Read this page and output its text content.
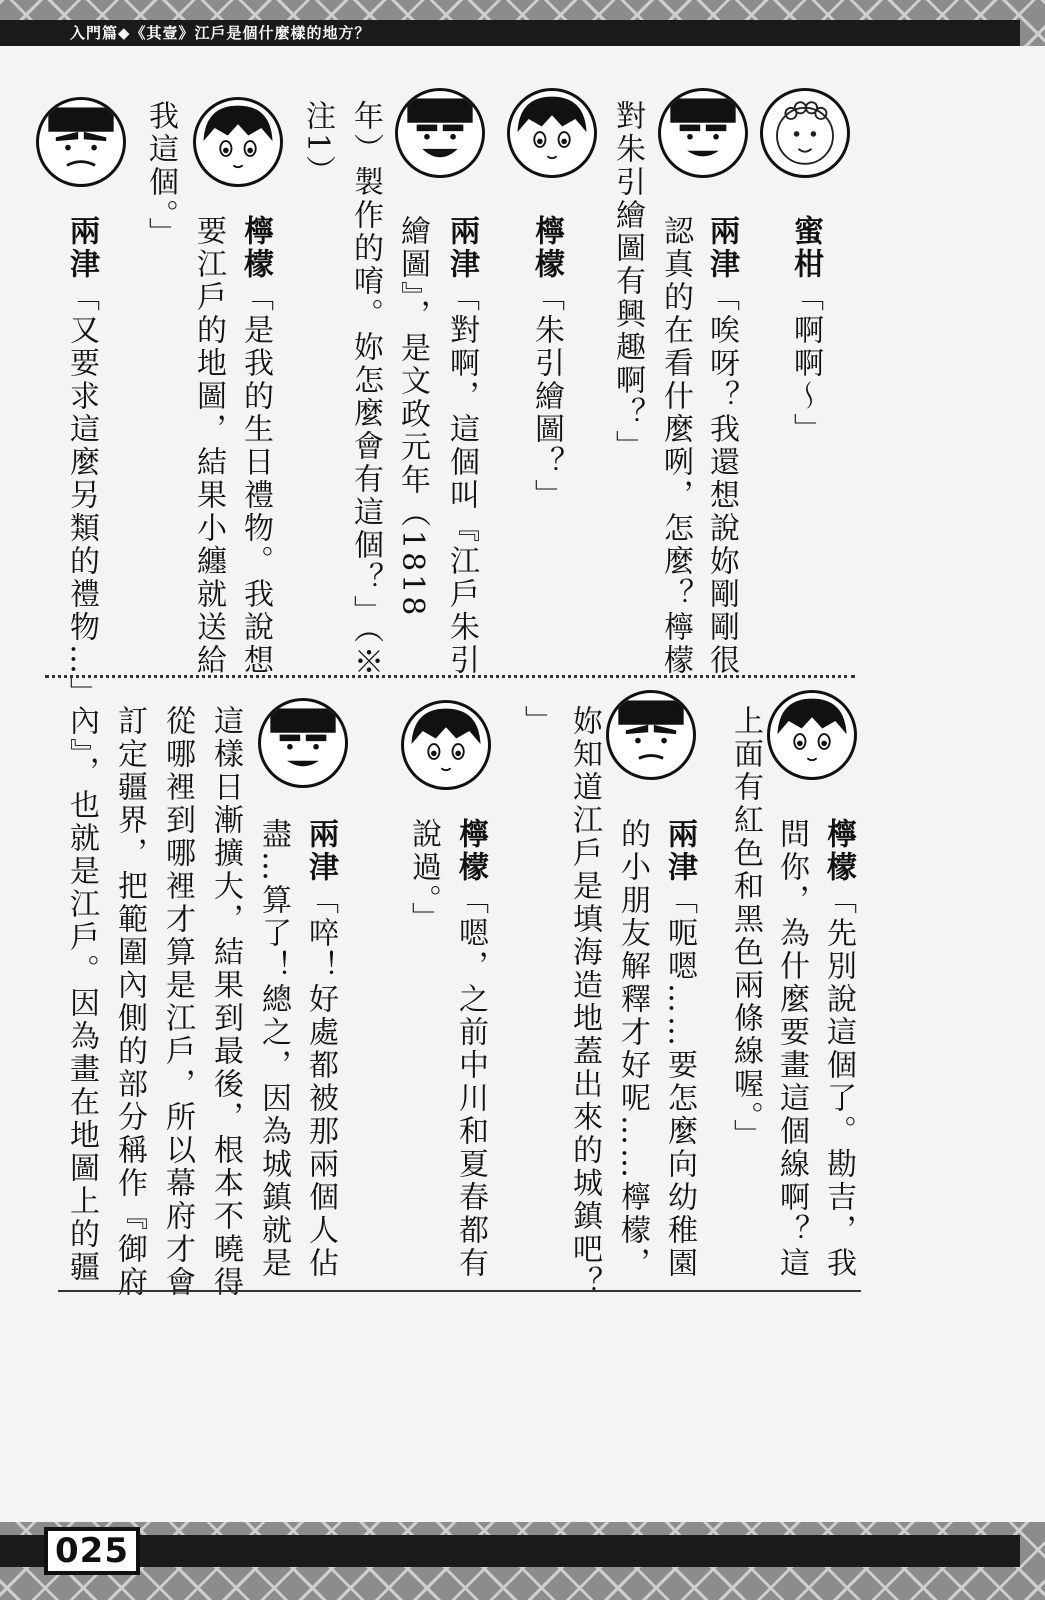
入門篇◆《其壹》江戶是個什麼樣的地方？
蜜柑「啊啊〜」
兩津「唉呀？我還想說妳剛剛很
認真的在看什麼咧，怎麼？檸檬
對朱引繪圖有興趣啊？」
檸檬「朱引繪圖？」
兩津「對啊，這個叫『江戶朱引
繪圖』，是文政元年（1818
年）製作的唷。妳怎麼會有這個？」（※
注1）
檸檬「是我的生日禮物。我說想
要江戶的地圖，結果小纏就送給
我這個。」
兩津「又要求這麼另類的禮物…」
檸檬「先別說這個了。勘吉，我
問你，為什麼要畫這個線啊？這
上面有紅色和黑色兩條線喔。」
兩津「呃嗯……要怎麼向幼稚園
的小朋友解釋才好呢……檸檬，
妳知道江戶是填海造地蓋出來的城鎮吧？
」
檸檬「嗯，之前中川和夏春都有
說過。」
兩津「啐！好處都被那兩個人佔
盡…算了！總之，因為城鎮就是
這樣日漸擴大，結果到最後，根本不曉得
從哪裡到哪裡才算是江戶，所以幕府才會
訂定疆界，把範圍內側的部分稱作『御府
內』，也就是江戶。因為畫在地圖上的疆
025
